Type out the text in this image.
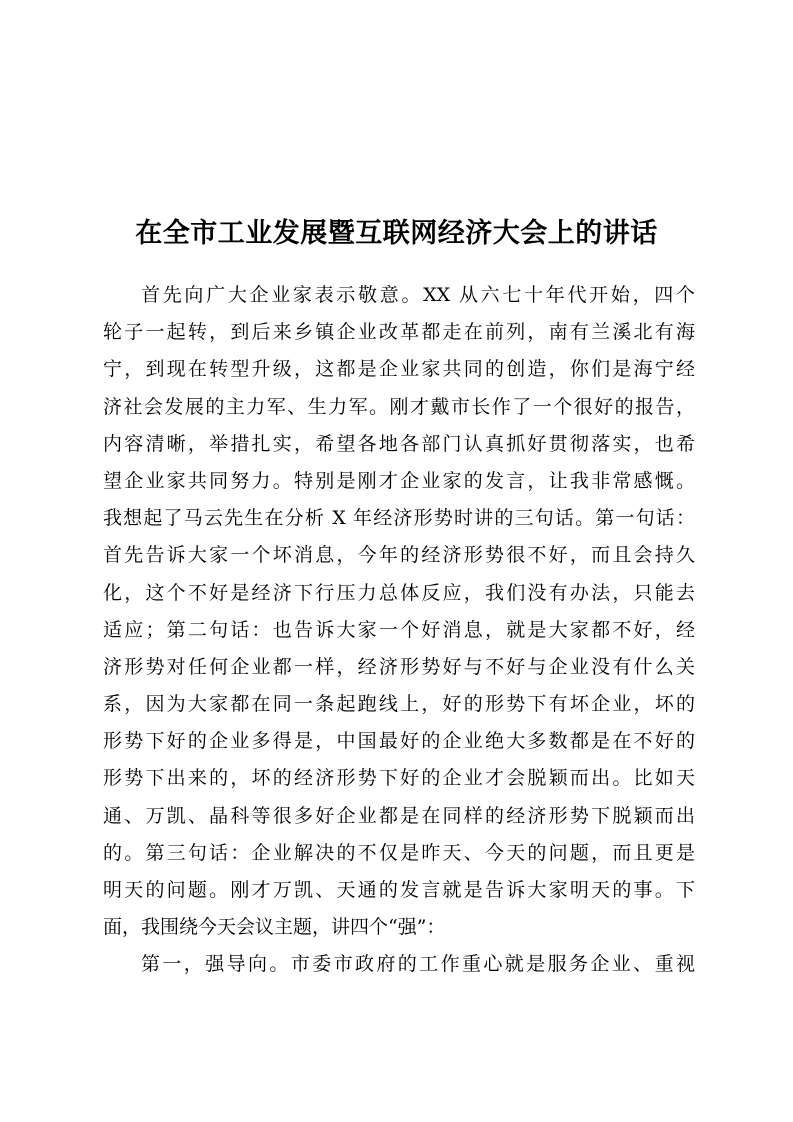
在全市工业发展暨互联网经济大会上的讲话
首先向广大企业家表示敬意。XX 从六七十年代开始，四个
轮子一起转，到后来乡镇企业改革都走在前列，南有兰溪北有海
宁，到现在转型升级，这都是企业家共同的创造，你们是海宁经
济社会发展的主力军、生力军。刚才戴市长作了一个很好的报告，
内容清晰，举措扎实，希望各地各部门认真抓好贯彻落实，也希
望企业家共同努力。特别是刚才企业家的发言，让我非常感慨。
我想起了马云先生在分析 X 年经济形势时讲的三句话。第一句话：
首先告诉大家一个坏消息，今年的经济形势很不好，而且会持久
化，这个不好是经济下行压力总体反应，我们没有办法，只能去
适应；第二句话：也告诉大家一个好消息，就是大家都不好，经
济形势对任何企业都一样，经济形势好与不好与企业没有什么关
系，因为大家都在同一条起跑线上，好的形势下有坏企业，坏的
形势下好的企业多得是，中国最好的企业绝大多数都是在不好的
形势下出来的，坏的经济形势下好的企业才会脱颖而出。比如天
通、万凯、晶科等很多好企业都是在同样的经济形势下脱颖而出
的。第三句话：企业解决的不仅是昨天、今天的问题，而且更是
明天的问题。刚才万凯、天通的发言就是告诉大家明天的事。下
面，我围绕今天会议主题，讲四个“强”：
第一，强导向。市委市政府的工作重心就是服务企业、重视
